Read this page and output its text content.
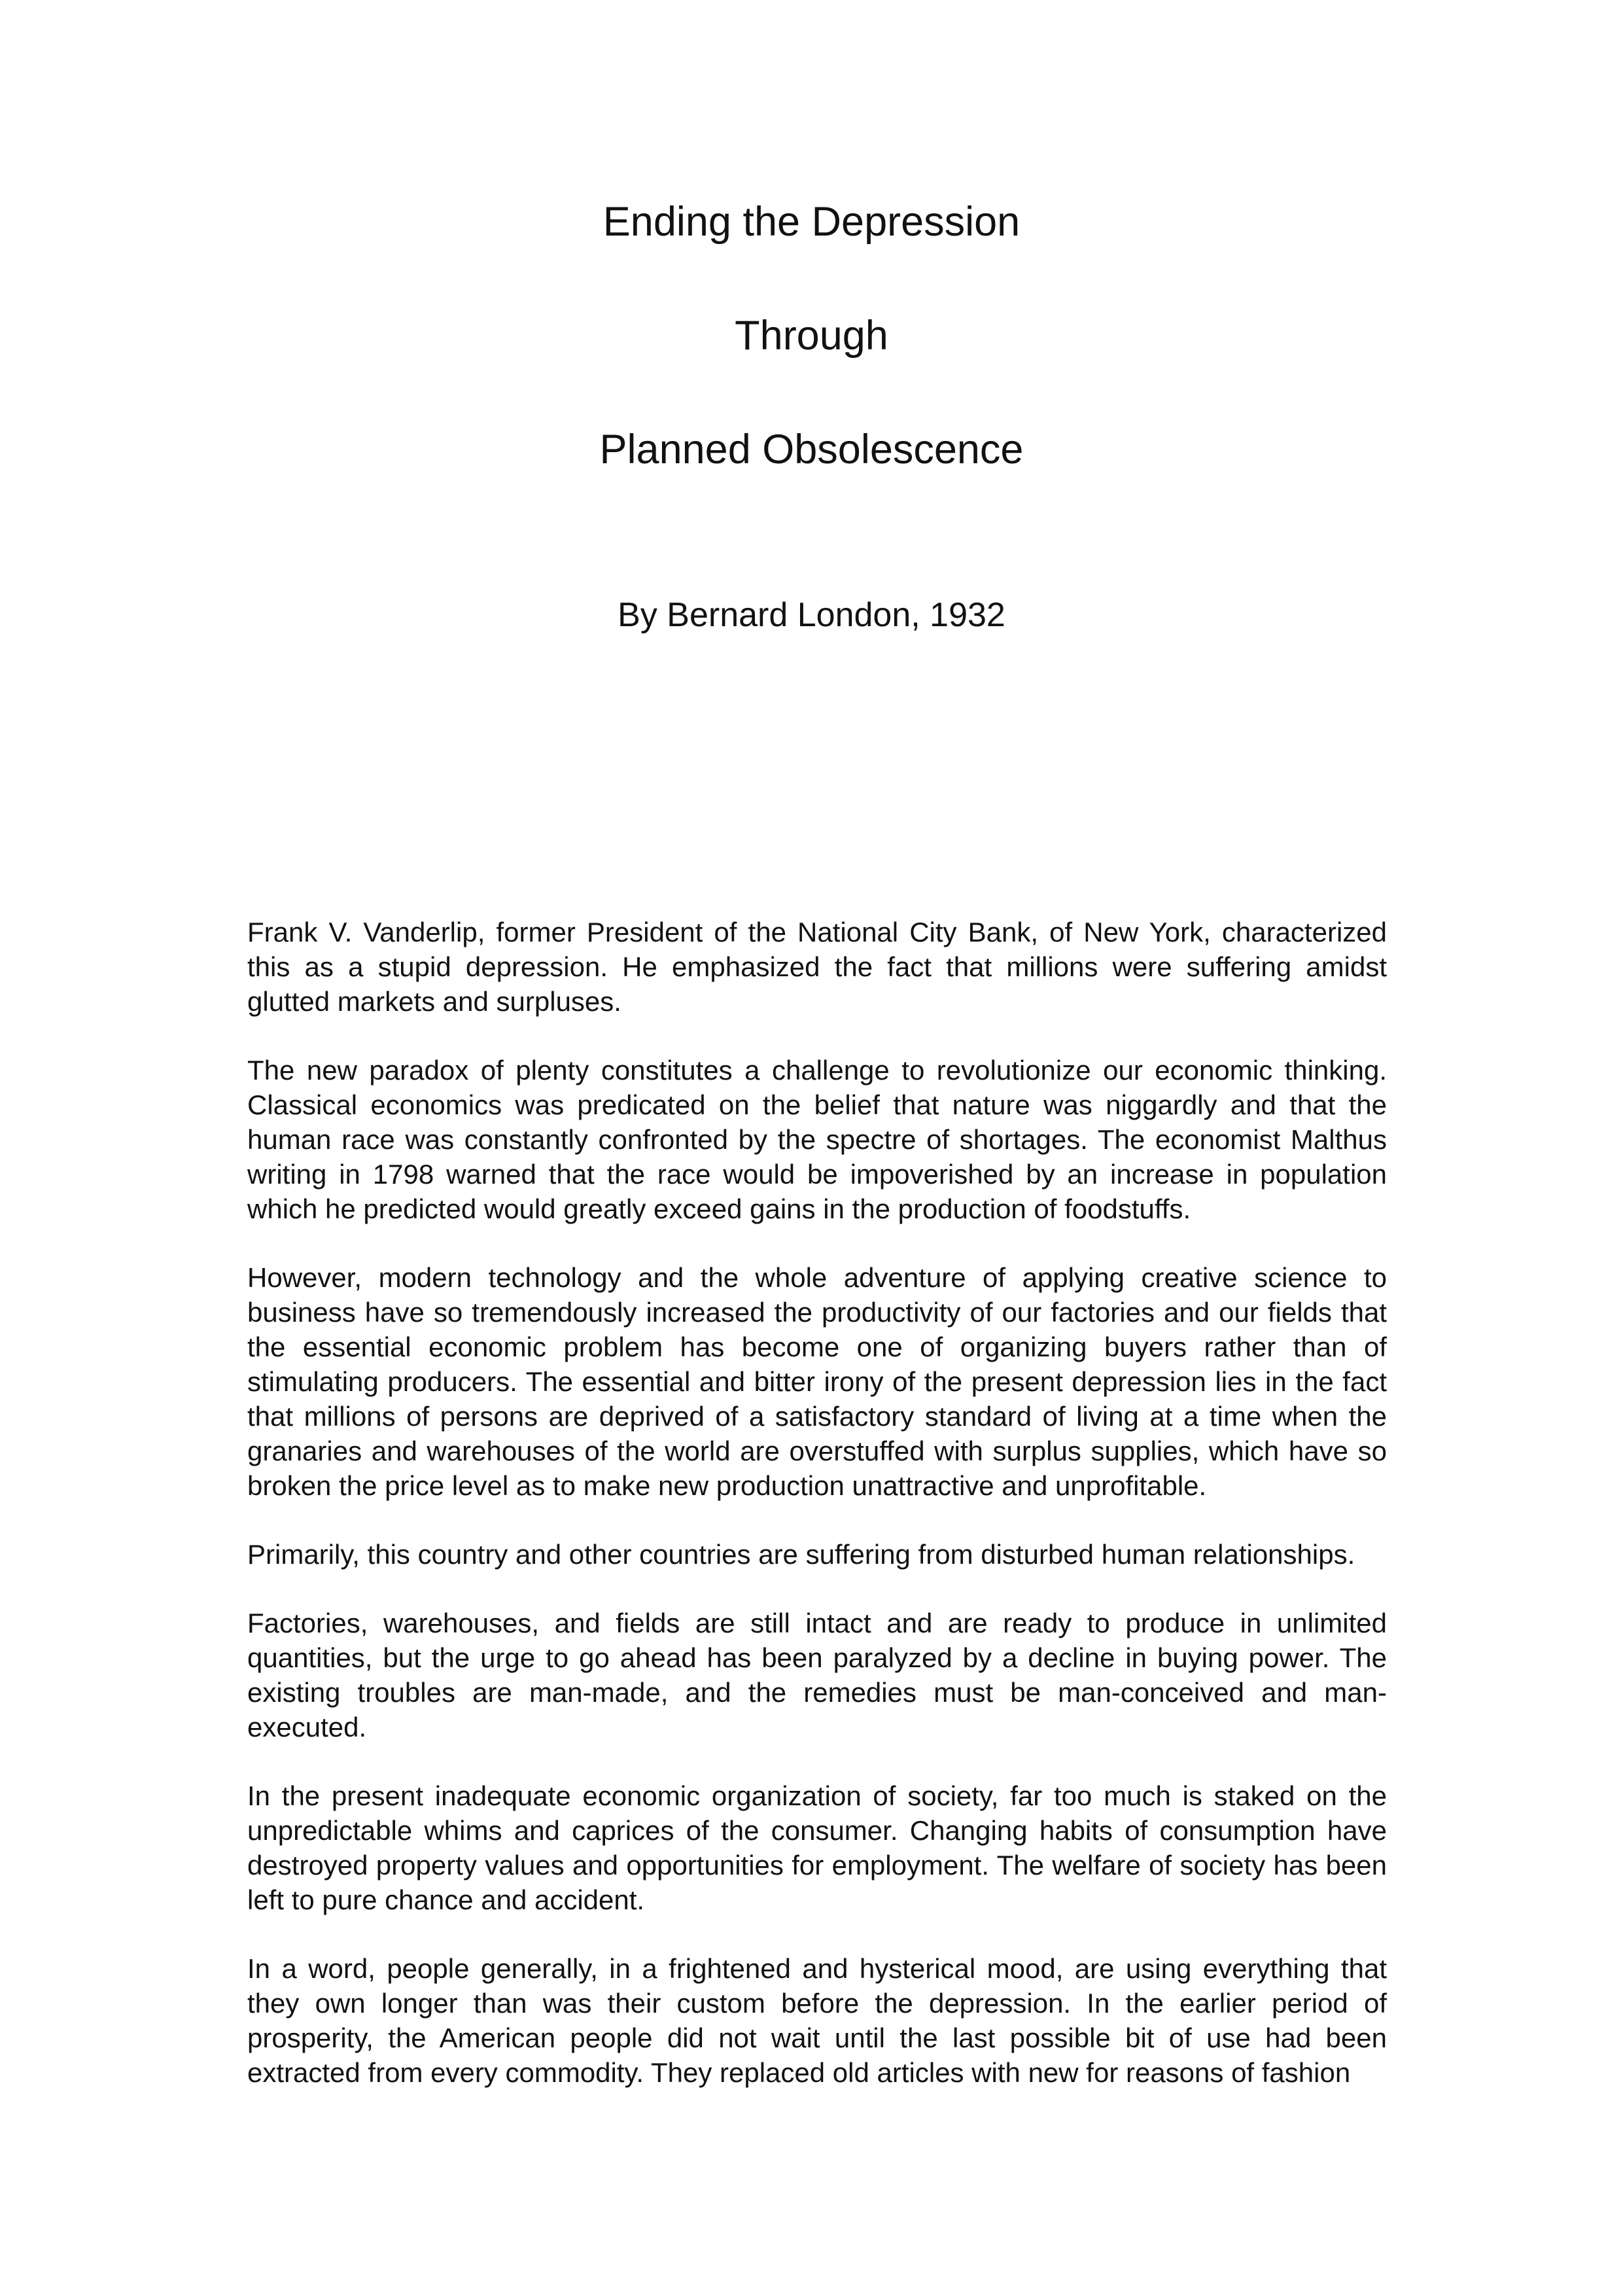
Ending the Depression

Through

Planned Obsolescence

By Bernard London, 1932

Frank V. Vanderlip, former President of the National City Bank, of New York, characterized this as a stupid depression. He emphasized the fact that millions were suffering amidst glutted markets and surpluses.

The new paradox of plenty constitutes a challenge to revolutionize our economic thinking. Classical economics was predicated on the belief that nature was niggardly and that the human race was constantly confronted by the spectre of shortages. The economist Malthus writing in 1798 warned that the race would be impoverished by an increase in population which he predicted would greatly exceed gains in the production of foodstuffs.

However, modern technology and the whole adventure of applying creative science to business have so tremendously increased the productivity of our factories and our fields that the essential economic problem has become one of organizing buyers rather than of stimulating producers. The essential and bitter irony of the present depression lies in the fact that millions of persons are deprived of a satisfactory standard of living at a time when the granaries and warehouses of the world are overstuffed with surplus supplies, which have so broken the price level as to make new production unattractive and unprofitable.

Primarily, this country and other countries are suffering from disturbed human relationships.

Factories, warehouses, and fields are still intact and are ready to produce in unlimited quantities, but the urge to go ahead has been paralyzed by a decline in buying power. The existing troubles are man-made, and the remedies must be man-conceived and man-executed.

In the present inadequate economic organization of society, far too much is staked on the unpredictable whims and caprices of the consumer. Changing habits of consumption have destroyed property values and opportunities for employment. The welfare of society has been left to pure chance and accident.

In a word, people generally, in a frightened and hysterical mood, are using everything that they own longer than was their custom before the depression. In the earlier period of prosperity, the American people did not wait until the last possible bit of use had been extracted from every commodity. They replaced old articles with new for reasons of fashion
